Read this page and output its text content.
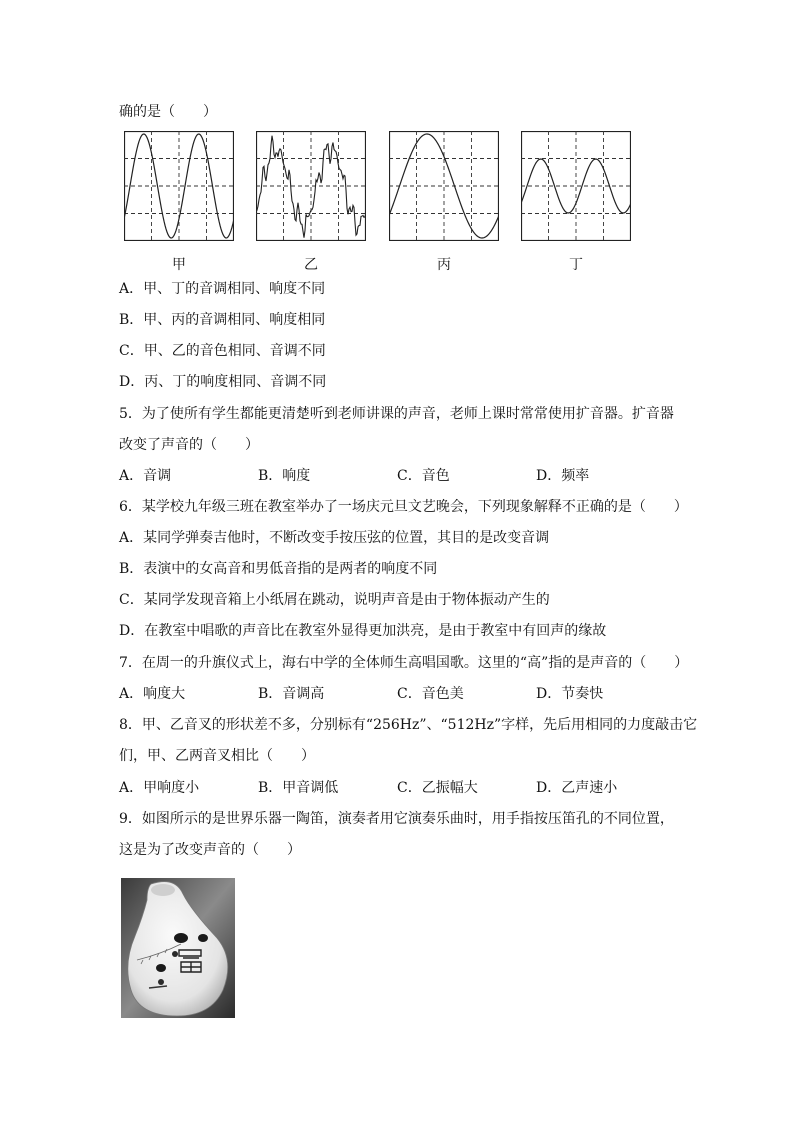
确的是（　　）
甲	乙	丙	丁
A．甲、丁的音调相同、响度不同
B．甲、丙的音调相同、响度相同
C．甲、乙的音色相同、音调不同
D．丙、丁的响度相同、音调不同
5．为了使所有学生都能更清楚听到老师讲课的声音，老师上课时常常使用扩音器。扩音器
改变了声音的（　　）
A．音调	B．响度	C．音色	D．频率
6．某学校九年级三班在教室举办了一场庆元旦文艺晚会，下列现象解释不正确的是（　　）
A．某同学弹奏吉他时，不断改变手按压弦的位置，其目的是改变音调
B．表演中的女高音和男低音指的是两者的响度不同
C．某同学发现音箱上小纸屑在跳动，说明声音是由于物体振动产生的
D．在教室中唱歌的声音比在教室外显得更加洪亮，是由于教室中有回声的缘故
7．在周一的升旗仪式上，海右中学的全体师生高唱国歌。这里的“高”指的是声音的（　　）
A．响度大	B．音调高	C．音色美	D．节奏快
8．甲、乙音叉的形状差不多，分别标有“256Hz”、“512Hz”字样，先后用相同的力度敲击它
们，甲、乙两音叉相比（　　）
A．甲响度小	B．甲音调低	C．乙振幅大	D．乙声速小
9．如图所示的是世界乐器一陶笛，演奏者用它演奏乐曲时，用手指按压笛孔的不同位置，
这是为了改变声音的（　　）
